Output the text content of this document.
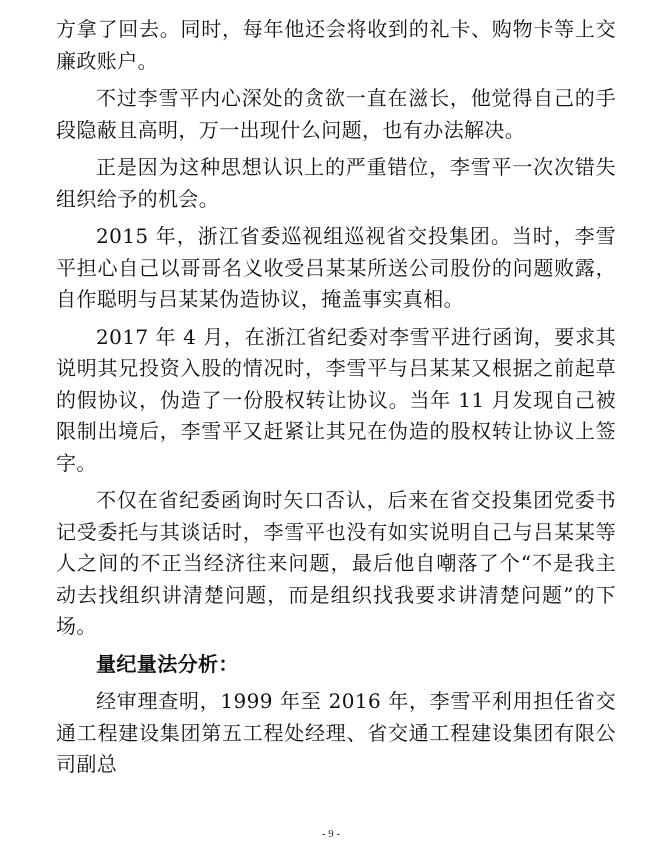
方拿了回去。同时，每年他还会将收到的礼卡、购物卡等上交廉政账户。

不过李雪平内心深处的贪欲一直在滋长，他觉得自己的手段隐蔽且高明，万一出现什么问题，也有办法解决。

正是因为这种思想认识上的严重错位，李雪平一次次错失组织给予的机会。

2015 年，浙江省委巡视组巡视省交投集团。当时，李雪平担心自己以哥哥名义收受吕某某所送公司股份的问题败露，自作聪明与吕某某伪造协议，掩盖事实真相。

2017 年 4 月，在浙江省纪委对李雪平进行函询，要求其说明其兄投资入股的情况时，李雪平与吕某某又根据之前起草的假协议，伪造了一份股权转让协议。当年 11 月发现自己被限制出境后，李雪平又赶紧让其兄在伪造的股权转让协议上签字。

不仅在省纪委函询时矢口否认，后来在省交投集团党委书记受委托与其谈话时，李雪平也没有如实说明自己与吕某某等人之间的不正当经济往来问题，最后他自嘲落了个“不是我主动去找组织讲清楚问题，而是组织找我要求讲清楚问题”的下场。

量纪量法分析：

经审理查明，1999 年至 2016 年，李雪平利用担任省交通工程建设集团第五工程处经理、省交通工程建设集团有限公司副总

- 9 -
